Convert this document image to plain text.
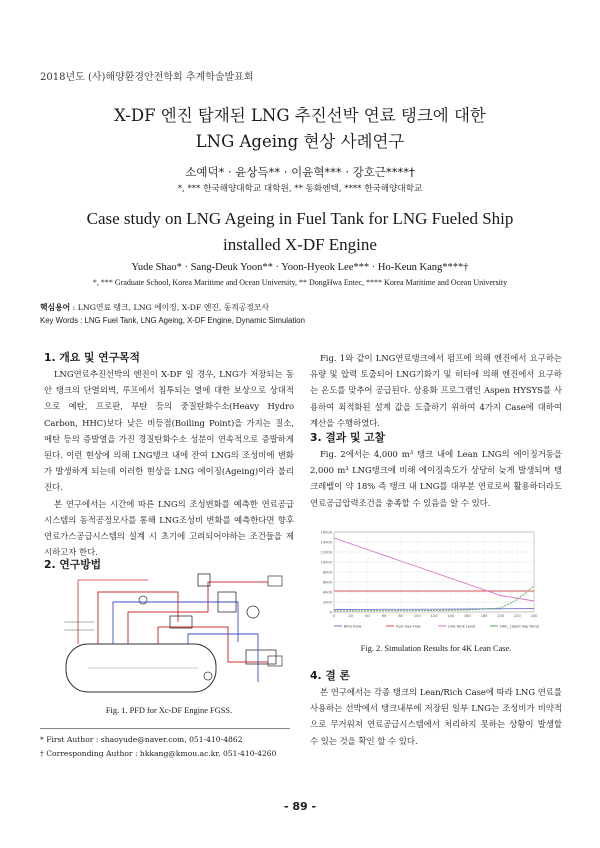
2018년도 (사)해양환경안전학회 추계학술발표회
X-DF 엔진 탑재된 LNG 추진선박 연료 탱크에 대한
LNG Ageing 현상 사례연구
소예덕* · 윤상득** · 이윤혁*** · 강호근****†
*, *** 한국해양대학교 대학원, ** 동화엔텍, **** 한국해양대학교
Case study on LNG Ageing in Fuel Tank for LNG Fueled Ship
installed X-DF Engine
Yude Shao* · Sang-Deuk Yoon** · Yoon-Hyeok Lee*** · Ho-Keun Kang****†
*, *** Graduate School, Korea Maritime and Ocean University, ** DongHwa Entec, **** Korea Maritime and Ocean University
핵심용어 : LNG연료 탱크, LNG 에이징, X-DF 엔진, 동적공정모사
Key Words : LNG Fuel Tank, LNG Ageing, X-DF Engine, Dynamic Simulation
1. 개요 및 연구목적

LNG연료추진선박의 엔진이 X-DF 일 경우, LNG가 저장되는 동안 탱크의 단열외벽, 루프에서 침투되는 열에 대한 보상으로 상대적으로 예탄, 프로판, 부탄 등의 중질탄화수소(Heavy Hydro Carbon, HHC)보다 낮은 비등점(Boiling Point)을 가지는 질소, 메탄 등의 증발열을 가진 경질탄화수소 성분이 연속적으로 증발하게 된다. 이런 현상에 의해 LNG탱크 내에 잔여 LNG의 조성비에 변화가 발생하게 되는데 이러한 현상을 LNG 에이징(Ageing)이라 불리진다.

본 연구에서는 시간에 따른 LNG의 조성변화를 예측한 연료공급시스템의 동적공정모사를 통해 LNG조성비 변화를 예측한다면 향후 연료가스공급시스템의 설계 시 초기에 고려되어야하는 조건들을 제시하고자 한다.

2. 연구방법
Fig. 1. PFD for Xc-DF Engine FGSS.
* First Author : shaoyude@naver.com, 051-410-4862
† Corresponding Author : hkkang@kmou.ac.kr, 051-410-4260

Fig. 1와 같이 LNG연료탱크에서 펌프에 의해 엔진에서 요구하는 유량 및 압력 토출되어 LNG기화기 및 히터에 의해 엔진에서 요구하는 온도를 맞추어 공급된다. 상용화 프로그램인 Aspen HYSYS를 사용하여 최적화된 설계 값을 도출하기 위하여 4가지 Case에 대하여 계산을 수행하였다.

3. 결과 및 고찰

Fig. 2에서는 4,000 m³ 탱크 내에 Lean LNG의 에이징거동을 2,000 m³ LNG탱크에 비해 에이징속도가 상당히 늦게 발생되며 탱크레벨이 약 18% 즉 탱크 내 LNG를 대부분 연료로써 활용하더라도 연료공급압력조건을 충족할 수 있음을 알 수 있다.

0
2000
4000
6000
8000
10000
12000
14000
16000
0	20	40	60	80	100	120	140	160	180	200	220	240
BOG Flow	Fuel Gas Flow	LNG Tank Level	HHC_Liquid Vap Temp
Fig. 2. Simulation Results for 4K Lean Case.
4. 결 론

본 연구에서는 각종 탱크의 Lean/Rich Case에 따라 LNG 연료를 사용하는 선박에서 탱크내부에 저장된 일부 LNG는 조성비가 비약적으로 무거워져 연료공급시스템에서 처리하지 못하는 상황이 발생할 수 있는 것을 확인 할 수 있다.

- 89 -
